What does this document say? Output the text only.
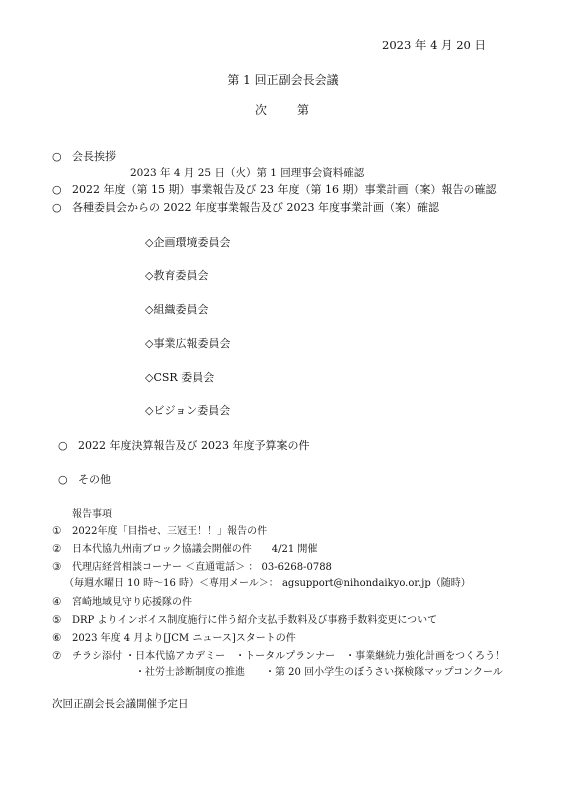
2023 年 4 月 20 日
第 1 回正副会長会議
次　　第
○ 会長挨拶
2023 年 4 月 25 日（火）第 1 回理事会資料確認
○ 2022 年度（第 15 期）事業報告及び 23 年度（第 16 期）事業計画（案）報告の確認
○ 各種委員会からの 2022 年度事業報告及び 2023 年度事業計画（案）確認
◇企画環境委員会
◇教育委員会
◇組織委員会
◇事業広報委員会
◇CSR 委員会
◇ビジョン委員会
○ 2022 年度決算報告及び 2023 年度予算案の件
○ その他
報告事項
① 2022年度「目指せ、三冠王！！」報告の件
② 日本代協九州南ブロック協議会開催の件　　4/21 開催
③ 代理店経営相談コーナー ＜直通電話＞ ： 03-6268-0788
（毎週水曜日 10 時～16 時）＜専用メール＞： agsupport@nihondaikyo.or.jp（随時）
④ 宮崎地域見守り応援隊の件
⑤ DRP よりインボイス制度施行に伴う紹介支払手数料及び事務手数料変更について
⑥ 2023 年度 4 月より[JCM ニュース]スタートの件
⑦ チラシ添付 ・日本代協アカデミー　・トータルプランナー　・事業継続力強化計画をつくろう！
・社労士診断制度の推進　　・第 20 回小学生のぼうさい探検隊マップコンクール
次回正副会長会議開催予定日
